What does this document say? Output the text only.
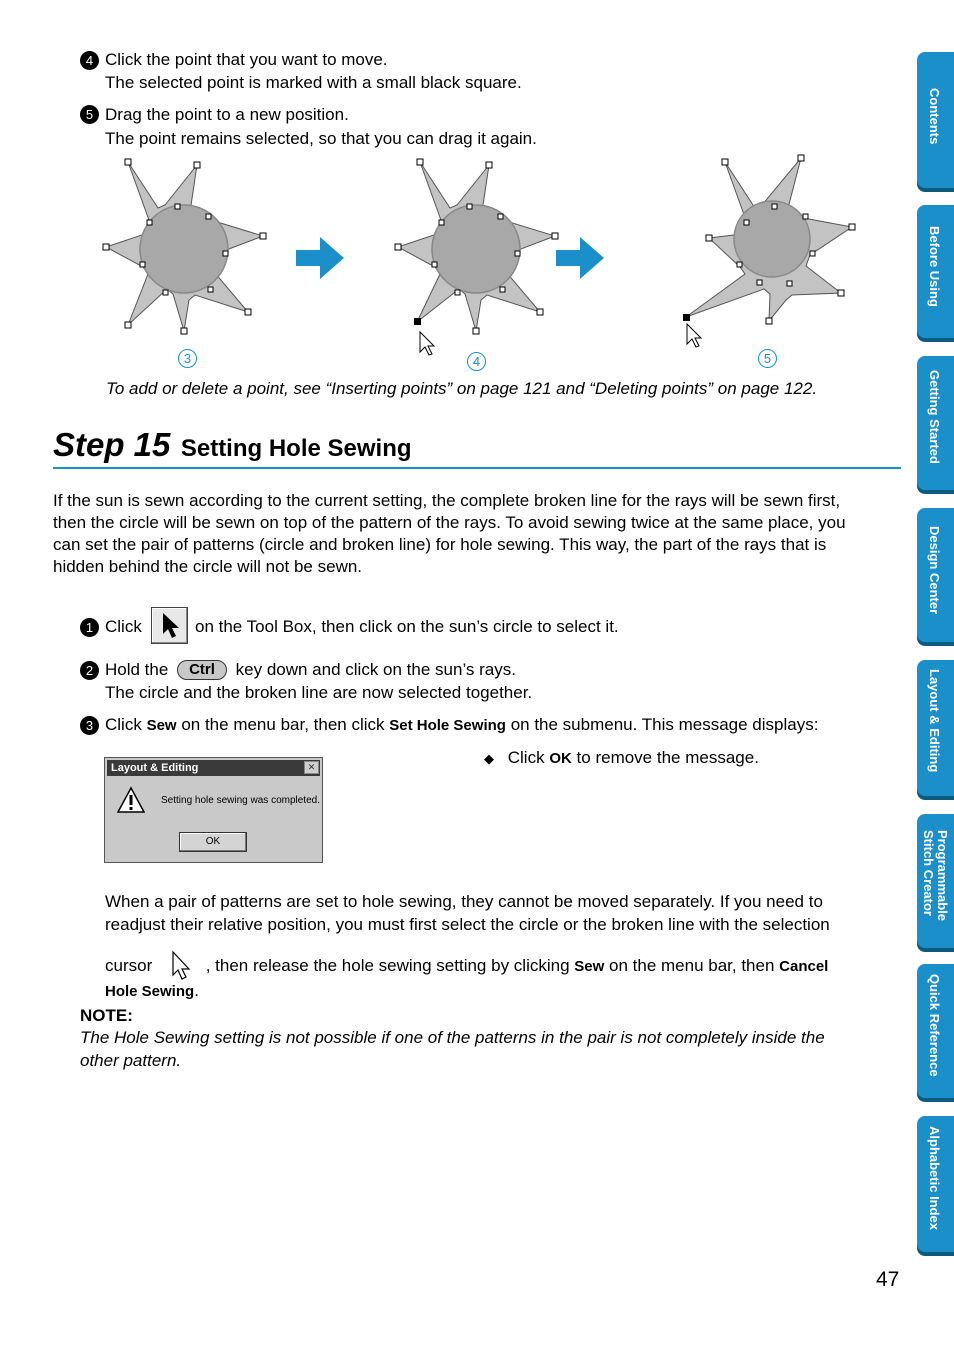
4 Click the point that you want to move.
The selected point is marked with a small black square.
5 Drag the point to a new position.
The point remains selected, so that you can drag it again.
3	4	5
To add or delete a point, see “Inserting points” on page 121 and “Deleting points” on page 122.
Step 15 Setting Hole Sewing
If the sun is sewn according to the current setting, the complete broken line for the rays will be sewn first,
then the circle will be sewn on top of the pattern of the rays. To avoid sewing twice at the same place, you
can set the pair of patterns (circle and broken line) for hole sewing. This way, the part of the rays that is
hidden behind the circle will not be sewn.
1 Click	on the Tool Box, then click on the sun’s circle to select it.
2 Hold the Ctrl key down and click on the sun’s rays.
The circle and the broken line are now selected together.
3 Click Sew on the menu bar, then click Set Hole Sewing on the submenu. This message displays:
◆ Click OK to remove the message.
Layout & Editing	✕
Setting hole sewing was completed.
OK
When a pair of patterns are set to hole sewing, they cannot be moved separately. If you need to
readjust their relative position, you must first select the circle or the broken line with the selection
cursor	, then release the hole sewing setting by clicking Sew on the menu bar, then Cancel
Hole Sewing.
NOTE:
The Hole Sewing setting is not possible if one of the patterns in the pair is not completely inside the
other pattern.
Contents
Before Using
Getting Started
Design Center
Layout & Editing
Programmable
Stitch Creator
Quick Reference
Alphabetic Index
47
